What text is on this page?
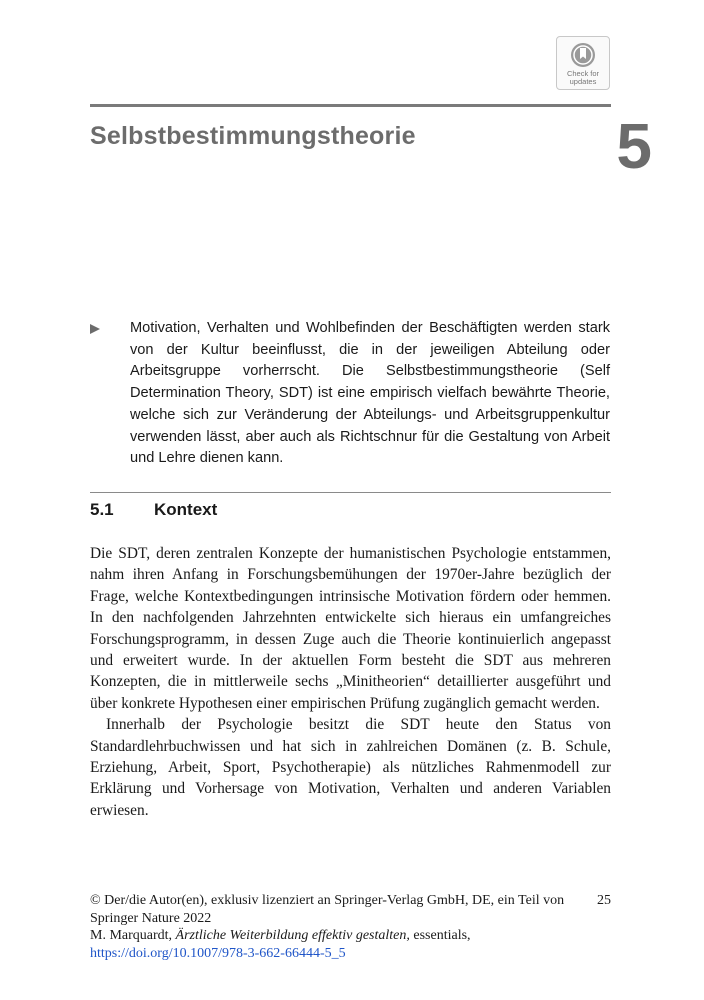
Check for
updates
Selbstbestimmungstheorie	5

Motivation, Verhalten und Wohlbefinden der Beschäftigten werden stark von der Kultur beeinflusst, die in der jeweiligen Abteilung oder Arbeitsgruppe vorherrscht. Die Selbstbestimmungstheorie (Self Determination Theory, SDT) ist eine empirisch vielfach bewährte Theorie, welche sich zur Veränderung der Abteilungs- und Arbeitsgruppenkultur verwenden lässt, aber auch als Richtschnur für die Gestaltung von Arbeit und Lehre dienen kann.

5.1 Kontext

Die SDT, deren zentralen Konzepte der humanistischen Psychologie entstammen, nahm ihren Anfang in Forschungsbemühungen der 1970er-Jahre bezüglich der Frage, welche Kontextbedingungen intrinsische Motivation fördern oder hemmen. In den nachfolgenden Jahrzehnten entwickelte sich hieraus ein umfangreiches Forschungsprogramm, in dessen Zuge auch die Theorie kontinuierlich angepasst und erweitert wurde. In der aktuellen Form besteht die SDT aus mehreren Konzepten, die in mittlerweile sechs „Minitheorien“ detaillierter ausgeführt und über konkrete Hypothesen einer empirischen Prüfung zugänglich gemacht werden.

Innerhalb der Psychologie besitzt die SDT heute den Status von Standardlehrbuchwissen und hat sich in zahlreichen Domänen (z. B. Schule, Erziehung, Arbeit, Sport, Psychotherapie) als nützliches Rahmenmodell zur Erklärung und Vorhersage von Motivation, Verhalten und anderen Variablen erwiesen.

© Der/die Autor(en), exklusiv lizenziert an Springer-Verlag GmbH, DE, ein Teil von Springer Nature 2022
25
M. Marquardt, Ärztliche Weiterbildung effektiv gestalten, essentials,
https://doi.org/10.1007/978-3-662-66444-5_5
